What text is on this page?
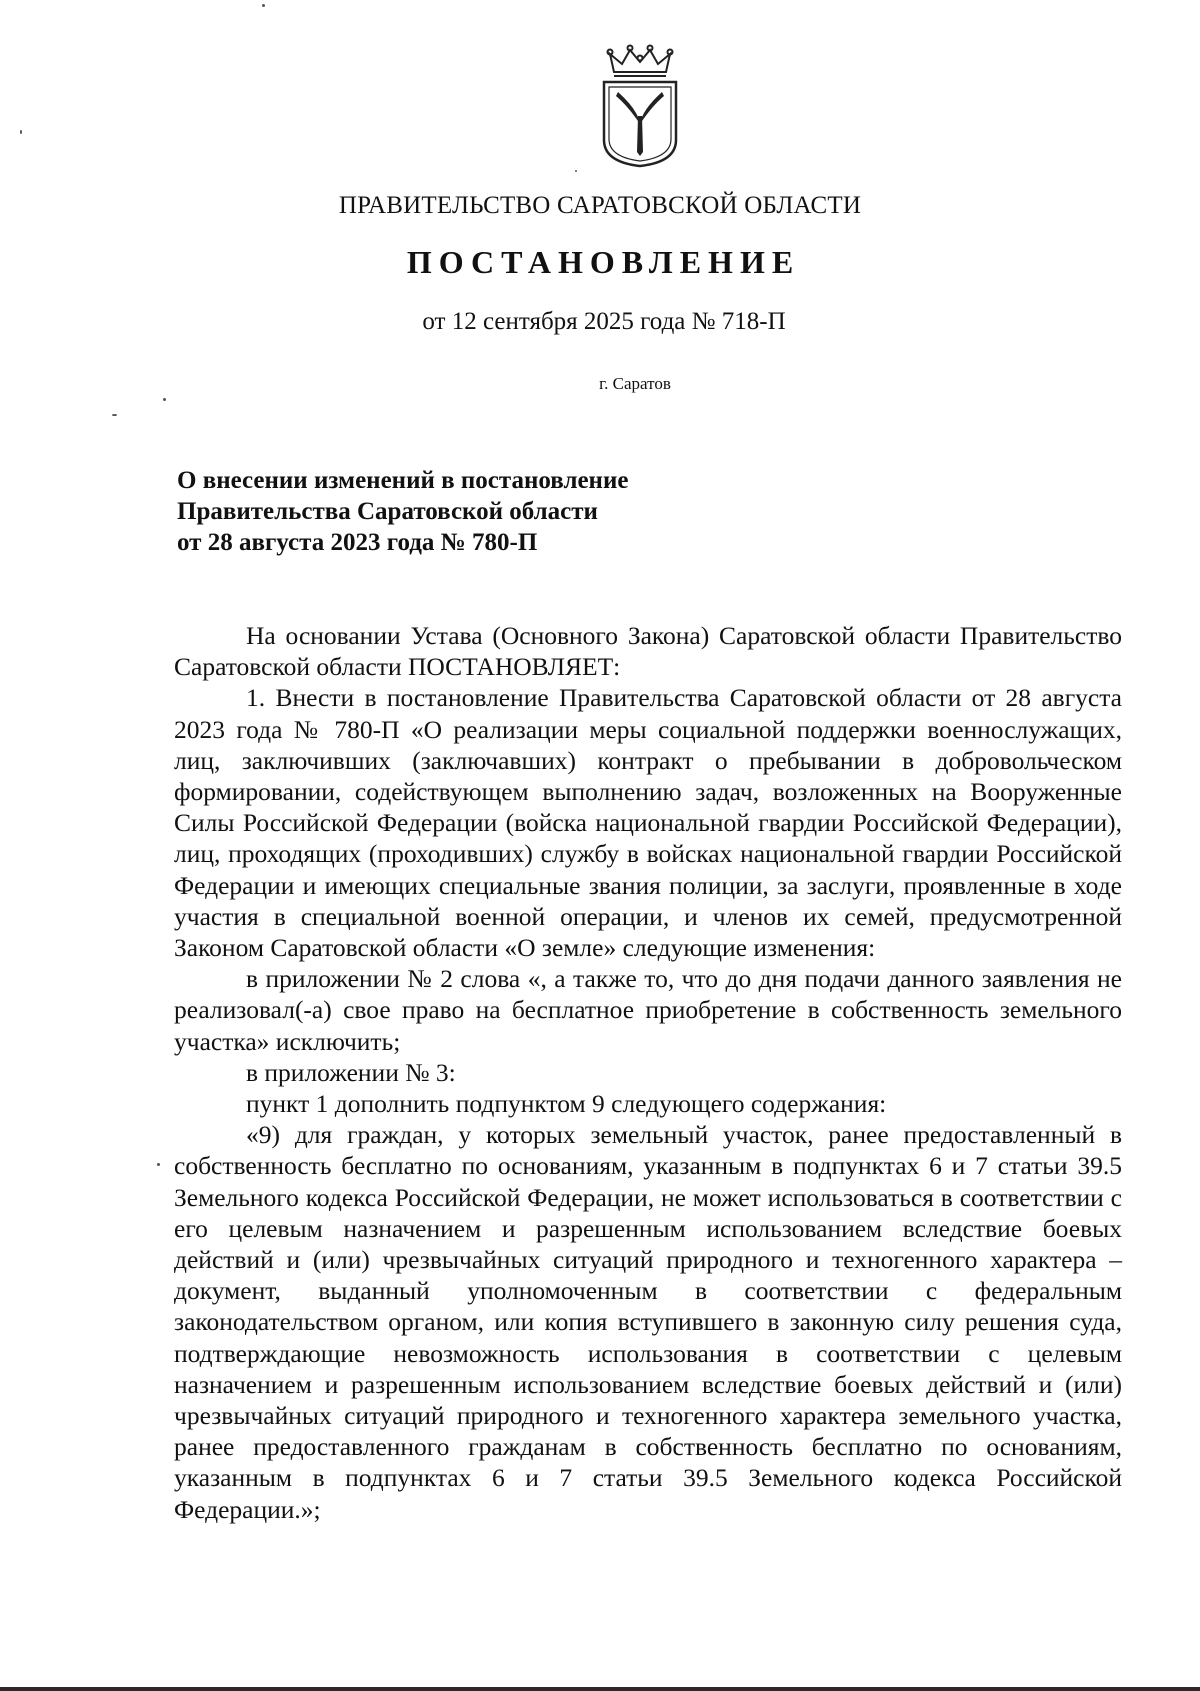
ПРАВИТЕЛЬСТВО САРАТОВСКОЙ ОБЛАСТИ
ПОСТАНОВЛЕНИЕ
от 12 сентября 2025 года № 718-П
г. Саратов
О внесении изменений в постановление
Правительства Саратовской области
от 28 августа 2023 года № 780-П

На основании Устава (Основного Закона) Саратовской области Правительство Саратовской области ПОСТАНОВЛЯЕТ:

1. Внести в постановление Правительства Саратовской области от 28 августа 2023 года № 780-П «О реализации меры социальной поддержки военнослужащих, лиц, заключивших (заключавших) контракт о пребывании в добровольческом формировании, содействующем выполнению задач, возложенных на Вооруженные Силы Российской Федерации (войска национальной гвардии Российской Федерации), лиц, проходящих (проходивших) службу в войсках национальной гвардии Российской Федерации и имеющих специальные звания полиции, за заслуги, проявленные в ходе участия в специальной военной операции, и членов их семей, предусмотренной Законом Саратовской области «О земле» следующие изменения:

в приложении № 2 слова «, а также то, что до дня подачи данного заявления не реализовал(-а) свое право на бесплатное приобретение в собственность земельного участка» исключить;

в приложении № 3:

пункт 1 дополнить подпунктом 9 следующего содержания:

«9) для граждан, у которых земельный участок, ранее предоставленный в собственность бесплатно по основаниям, указанным в подпунктах 6 и 7 статьи 39.5 Земельного кодекса Российской Федерации, не может использоваться в соответствии с его целевым назначением и разрешенным использованием вследствие боевых действий и (или) чрезвычайных ситуаций природного и техногенного характера – документ, выданный уполномоченным в соответствии с федеральным законодательством органом, или копия вступившего в законную силу решения суда, подтверждающие невозможность использования в соответствии с целевым назначением и разрешенным использованием вследствие боевых действий и (или) чрезвычайных ситуаций природного и техногенного характера земельного участка, ранее предоставленного гражданам в собственность бесплатно по основаниям, указанным в подпунктах 6 и 7 статьи 39.5 Земельного кодекса Российской Федерации.»;
